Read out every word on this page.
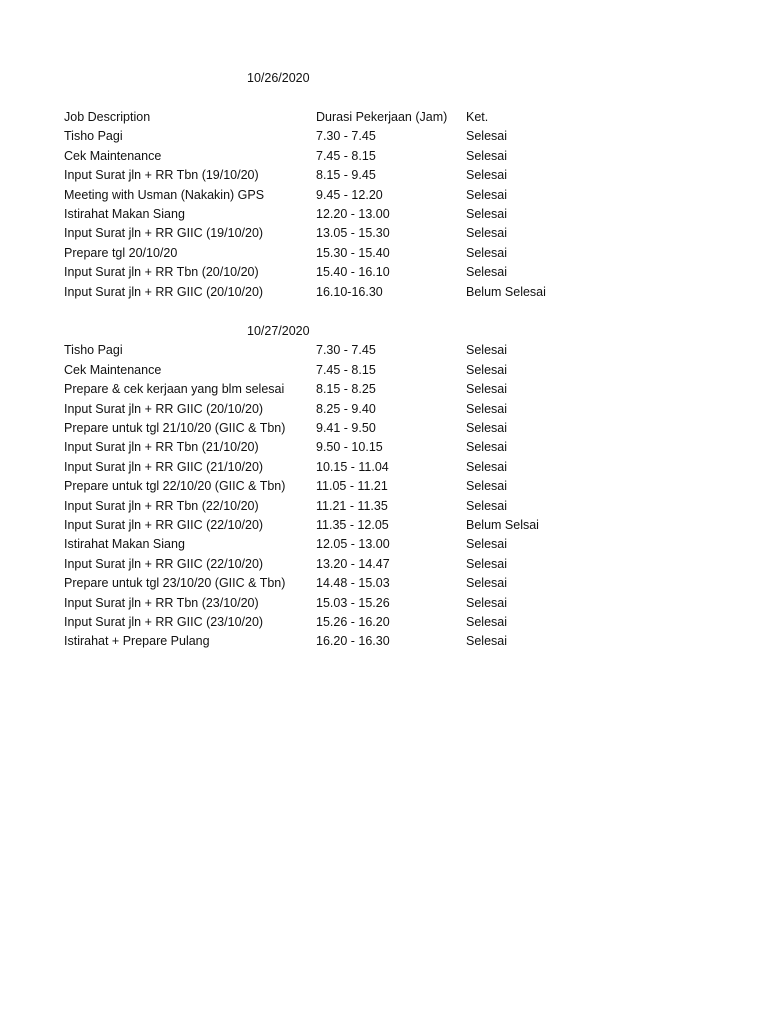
10/26/2020
Job Description	Durasi Pekerjaan (Jam) Ket.
Tisho Pagi	7.30 - 7.45	Selesai
Cek Maintenance	7.45 - 8.15	Selesai
Input Surat jln + RR Tbn (19/10/20)	8.15 - 9.45	Selesai
Meeting with Usman (Nakakin) GPS	9.45 - 12.20	Selesai
Istirahat Makan Siang	12.20 - 13.00	Selesai
Input Surat jln + RR GIIC (19/10/20)	13.05 - 15.30	Selesai
Prepare tgl 20/10/20	15.30 - 15.40	Selesai
Input Surat jln + RR Tbn (20/10/20)	15.40 - 16.10	Selesai
Input Surat jln + RR GIIC (20/10/20)	16.10-16.30	Belum Selesai
10/27/2020
Tisho Pagi	7.30 - 7.45	Selesai
Cek Maintenance	7.45 - 8.15	Selesai
Prepare & cek kerjaan yang blm selesai	8.15 - 8.25	Selesai
Input Surat jln + RR GIIC (20/10/20)	8.25 - 9.40	Selesai
Prepare untuk tgl 21/10/20 (GIIC & Tbn) 9.41 - 9.50	Selesai
Input Surat jln + RR Tbn (21/10/20)	9.50 - 10.15	Selesai
Input Surat jln + RR GIIC (21/10/20)	10.15 - 11.04	Selesai
Prepare untuk tgl 22/10/20 (GIIC & Tbn) 11.05 - 11.21	Selesai
Input Surat jln + RR Tbn (22/10/20)	11.21 - 11.35	Selesai
Input Surat jln + RR GIIC (22/10/20)	11.35 - 12.05	Belum Selsai
Istirahat Makan Siang	12.05 - 13.00	Selesai
Input Surat jln + RR GIIC (22/10/20)	13.20 - 14.47	Selesai
Prepare untuk tgl 23/10/20 (GIIC & Tbn) 14.48 - 15.03	Selesai
Input Surat jln + RR Tbn (23/10/20)	15.03 - 15.26	Selesai
Input Surat jln + RR GIIC (23/10/20)	15.26 - 16.20	Selesai
Istirahat + Prepare Pulang	16.20 - 16.30	Selesai
